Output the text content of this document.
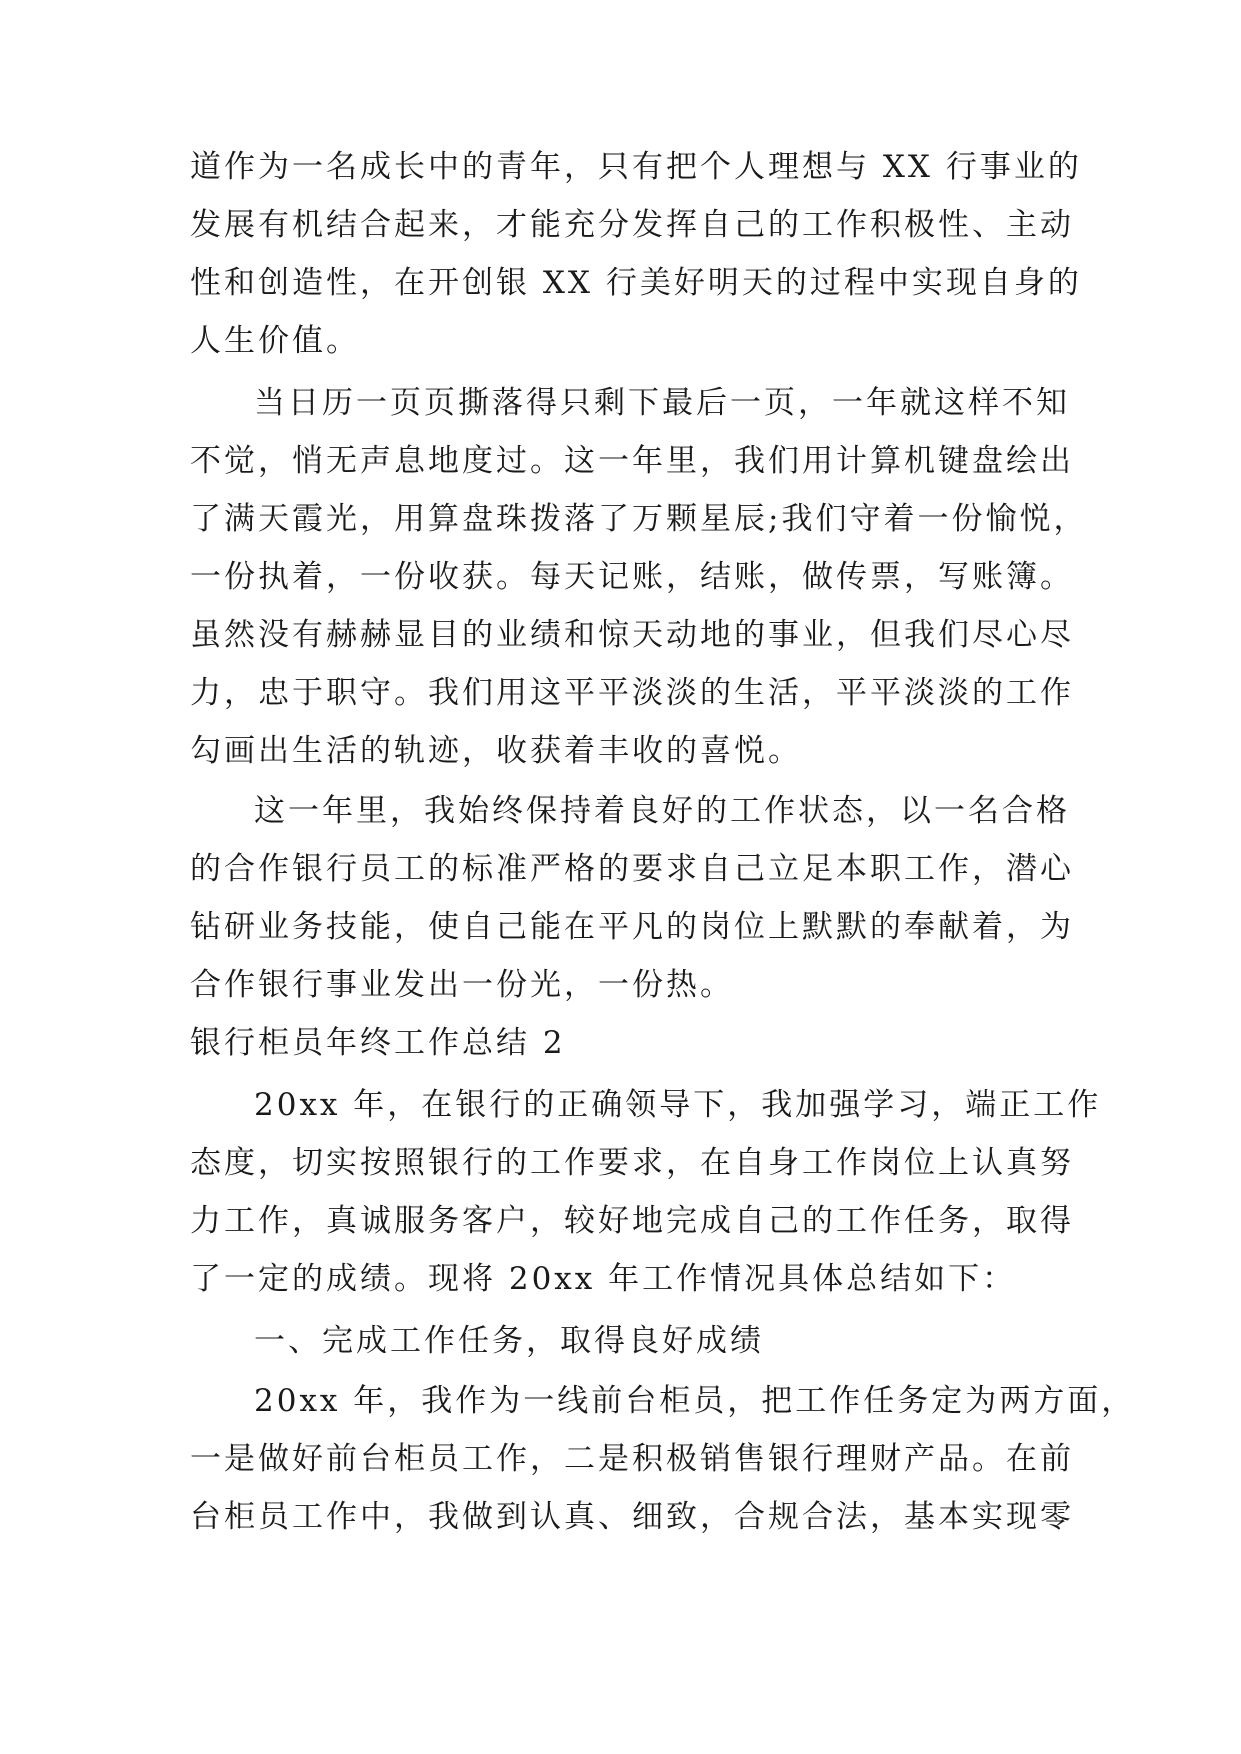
道作为一名成长中的青年，只有把个人理想与 XX 行事业的
发展有机结合起来，才能充分发挥自己的工作积极性、主动
性和创造性，在开创银 XX 行美好明天的过程中实现自身的
人生价值。
当日历一页页撕落得只剩下最后一页，一年就这样不知
不觉，悄无声息地度过。这一年里，我们用计算机键盘绘出
了满天霞光，用算盘珠拨落了万颗星辰;我们守着一份愉悦，
一份执着，一份收获。每天记账，结账，做传票，写账簿。
虽然没有赫赫显目的业绩和惊天动地的事业，但我们尽心尽
力，忠于职守。我们用这平平淡淡的生活，平平淡淡的工作
勾画出生活的轨迹，收获着丰收的喜悦。
这一年里，我始终保持着良好的工作状态，以一名合格
的合作银行员工的标准严格的要求自己立足本职工作，潜心
钻研业务技能，使自己能在平凡的岗位上默默的奉献着，为
合作银行事业发出一份光，一份热。
银行柜员年终工作总结 2
20xx 年，在银行的正确领导下，我加强学习，端正工作
态度，切实按照银行的工作要求，在自身工作岗位上认真努
力工作，真诚服务客户，较好地完成自己的工作任务，取得
了一定的成绩。现将 20xx 年工作情况具体总结如下：
一、完成工作任务，取得良好成绩
20xx 年，我作为一线前台柜员，把工作任务定为两方面，
一是做好前台柜员工作，二是积极销售银行理财产品。在前
台柜员工作中，我做到认真、细致，合规合法，基本实现零
